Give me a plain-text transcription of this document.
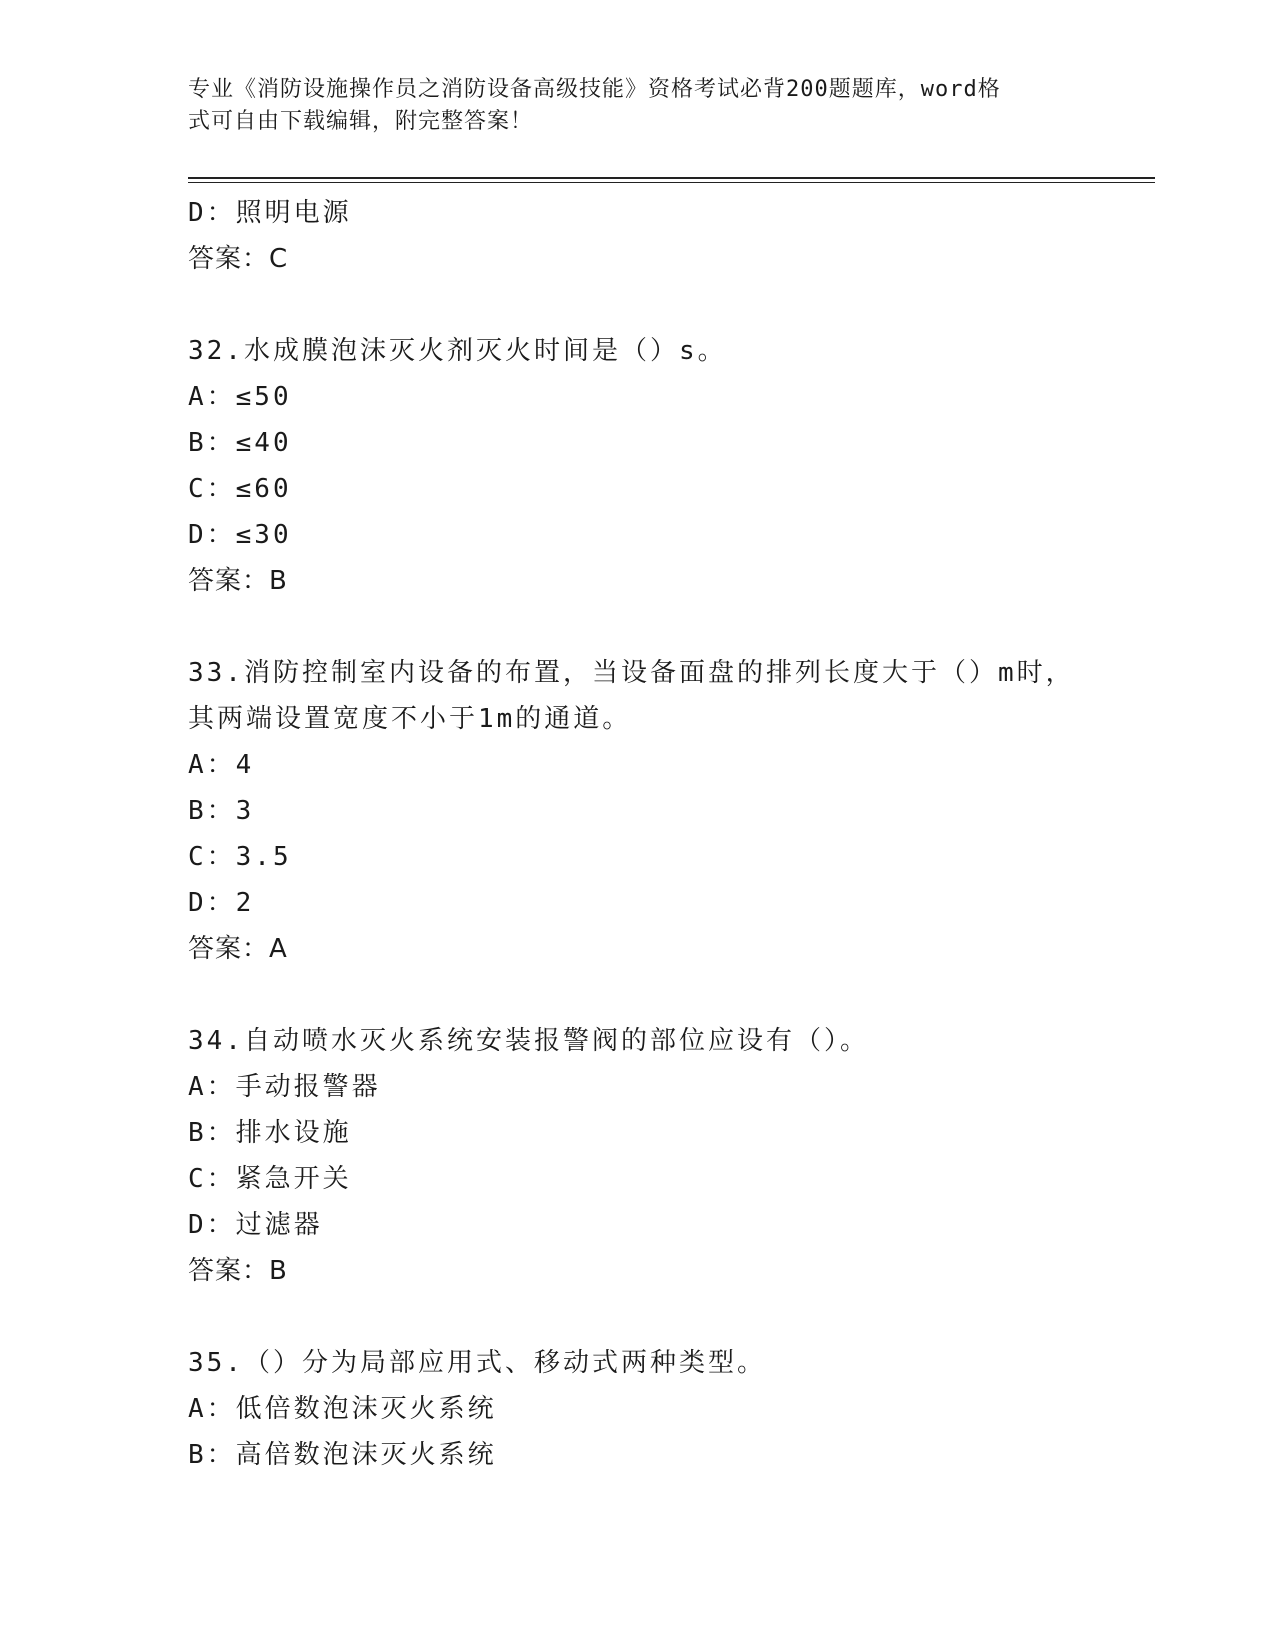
专业《消防设施操作员之消防设备高级技能》资格考试必背200题题库，word格
式可自由下载编辑，附完整答案！
D：照明电源
答案：C
32.水成膜泡沫灭火剂灭火时间是（）s。
A：≤50
B：≤40
C：≤60
D：≤30
答案：B
33.消防控制室内设备的布置，当设备面盘的排列长度大于（）m时，
其两端设置宽度不小于1m的通道。
A：4
B：3
C：3.5
D：2
答案：A
34.自动喷水灭火系统安装报警阀的部位应设有（）。
A：手动报警器
B：排水设施
C：紧急开关
D：过滤器
答案：B
35.（）分为局部应用式、移动式两种类型。
A：低倍数泡沫灭火系统
B：高倍数泡沫灭火系统
